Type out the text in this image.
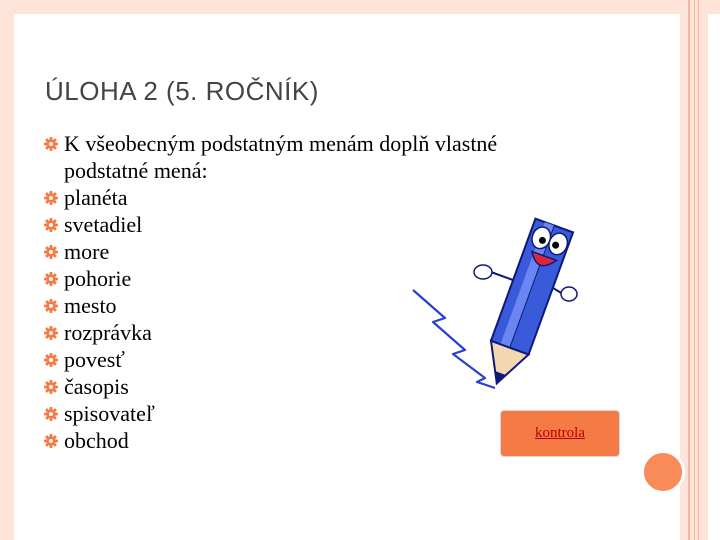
ÚLOHA 2 (5. ROČNÍK)
K všeobecným podstatným menám doplň vlastné podstatné mená:
planéta
svetadiel
more
pohorie
mesto
rozprávka
povesť
časopis
spisovateľ
obchod	kontrola
